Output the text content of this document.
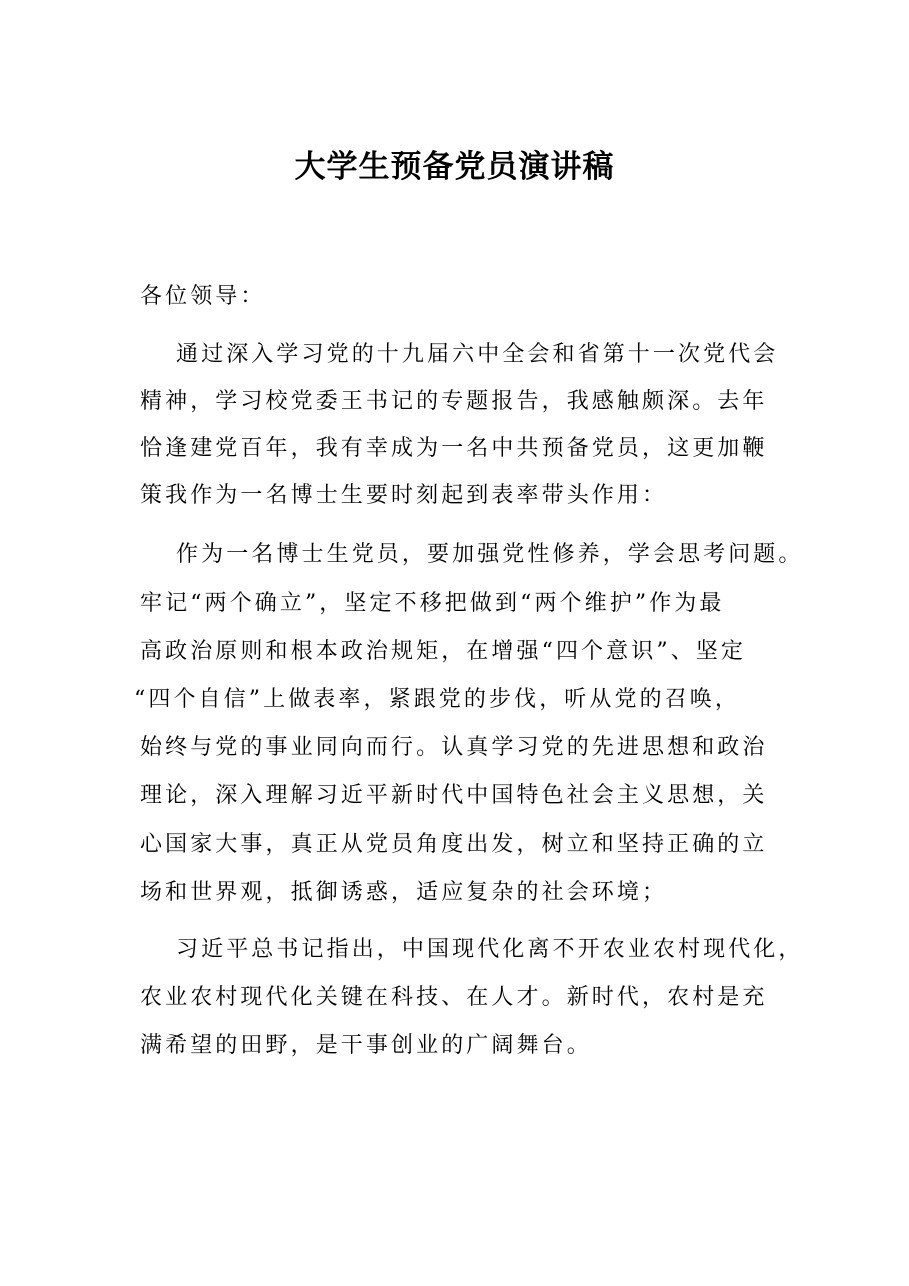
大学生预备党员演讲稿
各位领导：
通过深入学习党的十九届六中全会和省第十一次党代会
精神，学习校党委王书记的专题报告，我感触颇深。去年
恰逢建党百年，我有幸成为一名中共预备党员，这更加鞭
策我作为一名博士生要时刻起到表率带头作用：
作为一名博士生党员，要加强党性修养，学会思考问题。
牢记“两个确立”，坚定不移把做到“两个维护”作为最
高政治原则和根本政治规矩，在增强“四个意识”、坚定
“四个自信”上做表率，紧跟党的步伐，听从党的召唤，
始终与党的事业同向而行。认真学习党的先进思想和政治
理论，深入理解习近平新时代中国特色社会主义思想，关
心国家大事，真正从党员角度出发，树立和坚持正确的立
场和世界观，抵御诱惑，适应复杂的社会环境；
习近平总书记指出，中国现代化离不开农业农村现代化，
农业农村现代化关键在科技、在人才。新时代，农村是充
满希望的田野，是干事创业的广阔舞台。
